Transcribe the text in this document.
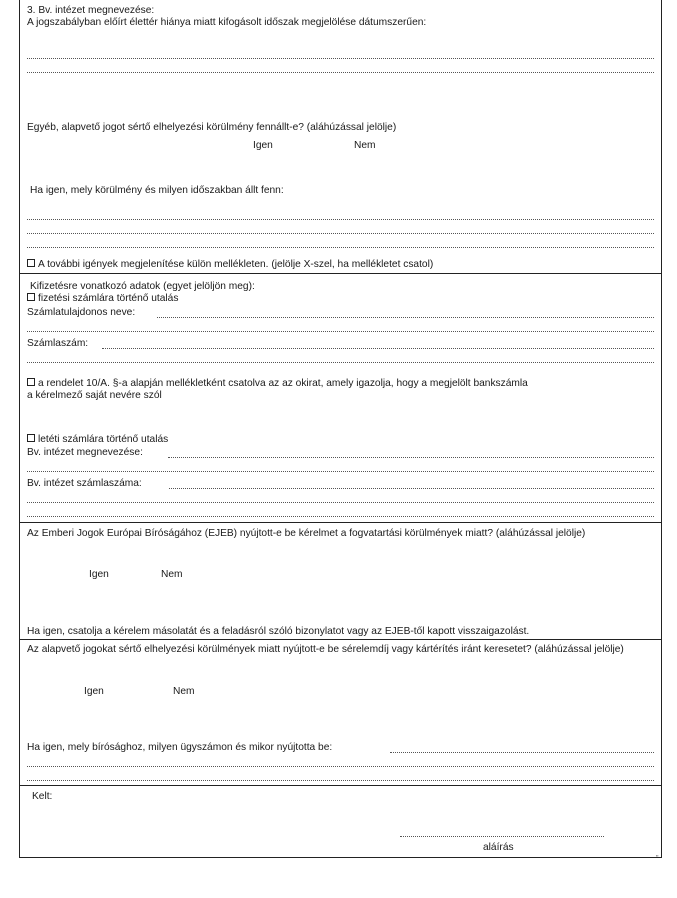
3. Bv. intézet megnevezése:
A jogszabályban előírt élettér hiánya miatt kifogásolt időszak megjelölése dátumszerűen:
Egyéb, alapvető jogot sértő elhelyezési körülmény fennállt-e? (aláhúzással jelölje)
Igen	Nem
Ha igen, mely körülmény és milyen időszakban állt fenn:
A további igények megjelenítése külön mellékleten. (jelölje X-szel, ha mellékletet csatol)
Kifizetésre vonatkozó adatok (egyet jelöljön meg):
fizetési számlára történő utalás
Számlatulajdonos neve:
Számlaszám:
a rendelet 10/A. §-a alapján mellékletként csatolva az az okirat, amely igazolja, hogy a megjelölt bankszámla
a kérelmező saját nevére szól
letéti számlára történő utalás
Bv. intézet megnevezése:
Bv. intézet számlaszáma:
Az Emberi Jogok Európai Bíróságához (EJEB) nyújtott-e be kérelmet a fogvatartási körülmények miatt? (aláhúzással jelölje)
Igen	Nem
Ha igen, csatolja a kérelem másolatát és a feladásról szóló bizonylatot vagy az EJEB-től kapott visszaigazolást.
Az alapvető jogokat sértő elhelyezési körülmények miatt nyújtott-e be sérelemdíj vagy kártérítés iránt keresetet? (aláhúzással jelölje)
Igen	Nem
Ha igen, mely bírósághoz, milyen ügyszámon és mikor nyújtotta be:
Kelt:
aláírás
"
